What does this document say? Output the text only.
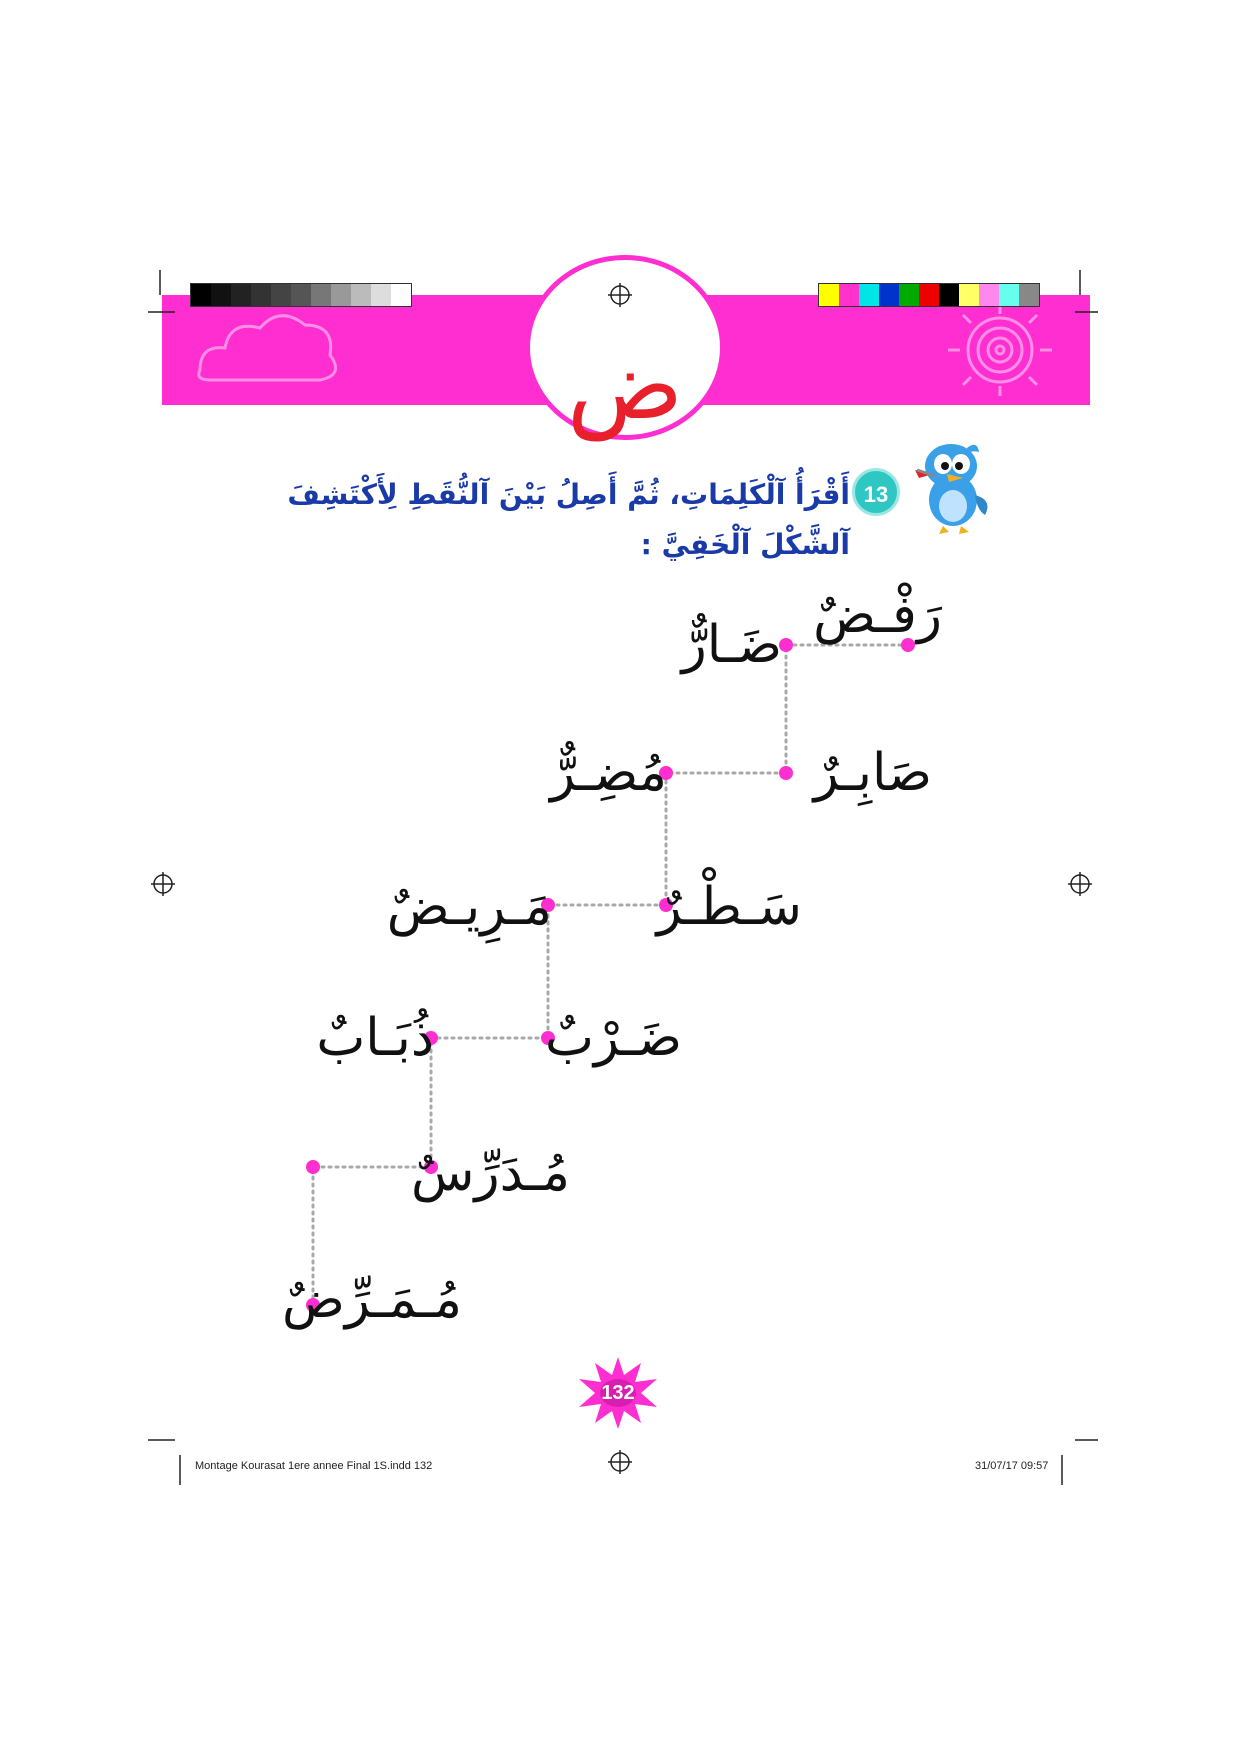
ض
13
أَقْرَأُ آلْكَلِمَاتِ، ثُمَّ أَصِلُ بَيْنَ آلنُّقَطِ لِأَكْتَشِفَ آلشَّكْلَ آلْخَفِيَّ :
رَفْـضٌ
ضَـارٌّ
صَابِـرٌ
مُضِـرٌّ
سَـطْـرٌ
مَـرِيـضٌ
ضَـرْبٌ
ذُبَـابٌ
مُـدَرِّسٌ
مُـمَـرِّضٌ
132
Montage Kourasat 1ere annee Final 1S.indd 132	31/07/17 09:57
